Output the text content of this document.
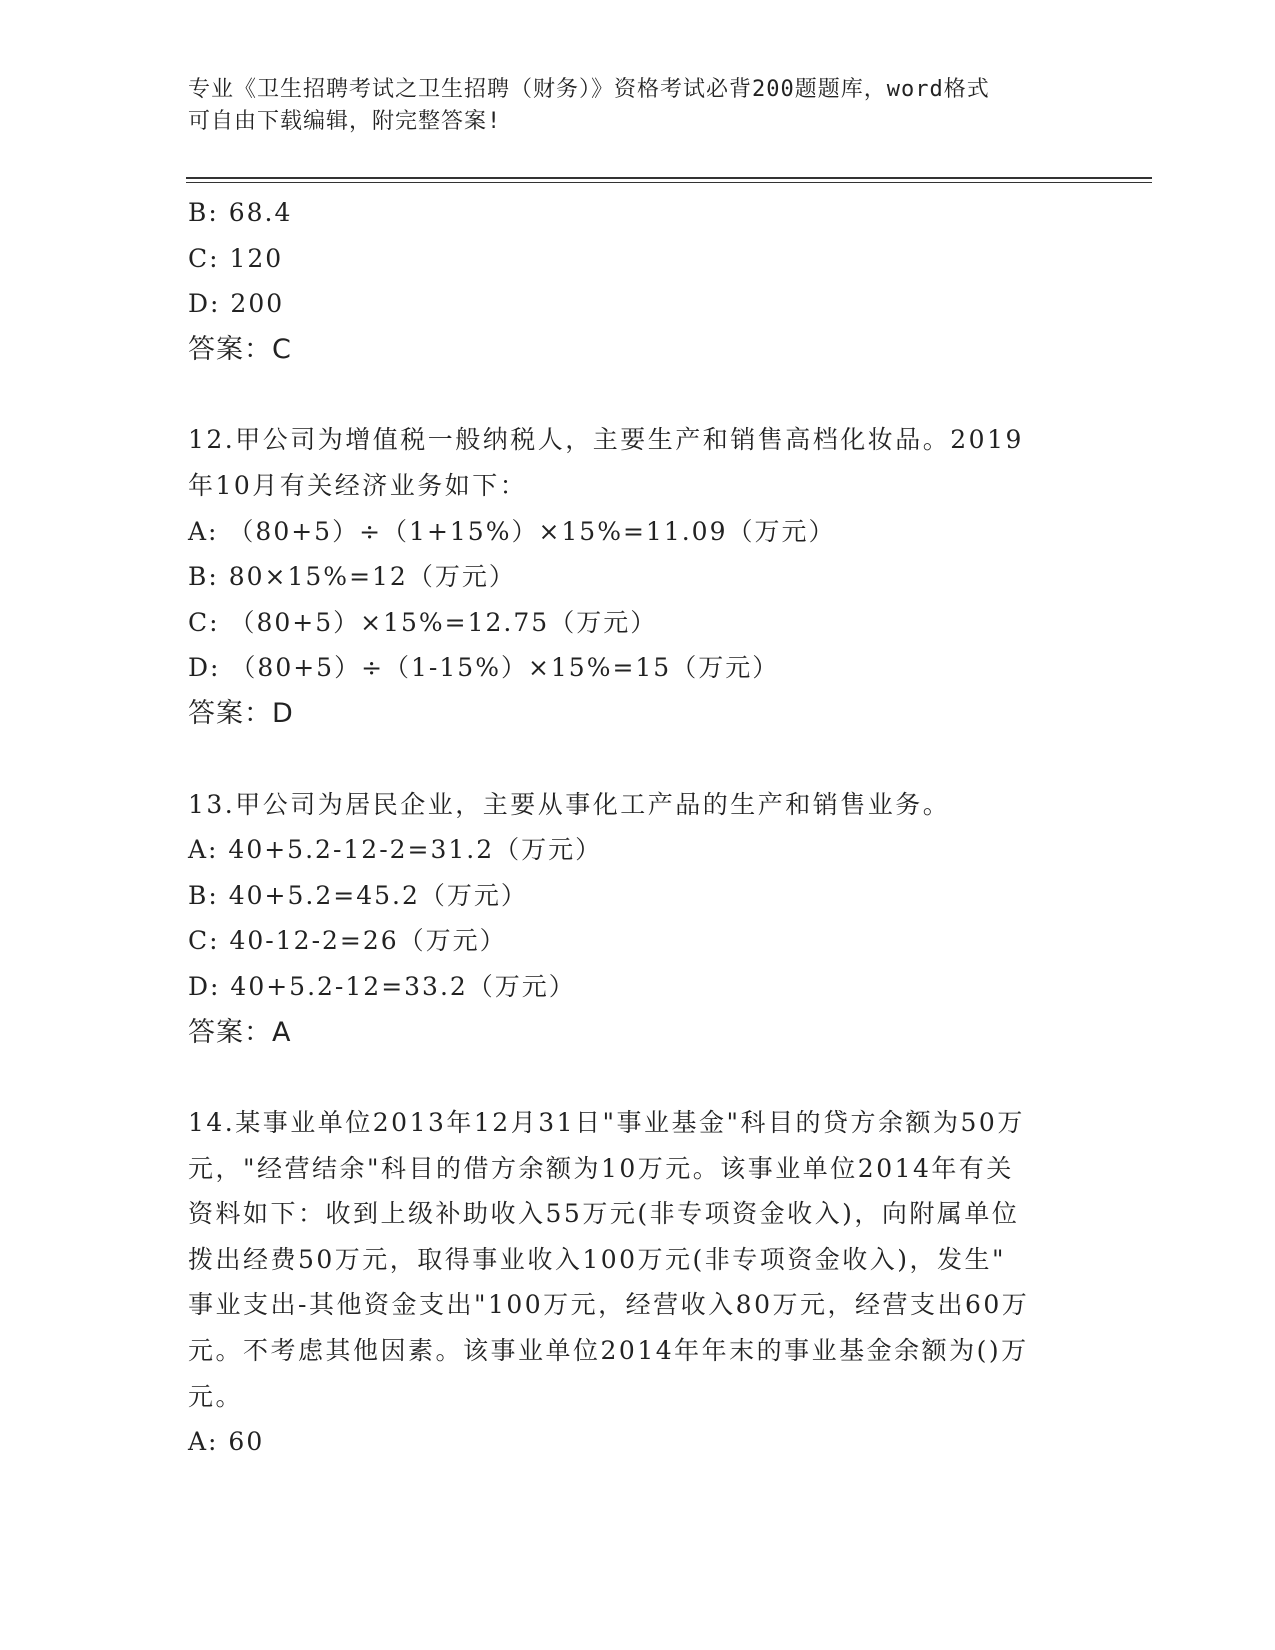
专业《卫生招聘考试之卫生招聘（财务）》资格考试必背200题题库，word格式
可自由下载编辑，附完整答案!
B: 68.4
C: 120
D: 200
答案：C
12.甲公司为增值税一般纳税人，主要生产和销售高档化妆品。2019
年10月有关经济业务如下：
A: （80+5）÷（1+15%）×15%=11.09（万元）
B: 80×15%=12（万元）
C: （80+5）×15%=12.75（万元）
D: （80+5）÷（1-15%）×15%=15（万元）
答案：D
13.甲公司为居民企业，主要从事化工产品的生产和销售业务。
A: 40+5.2-12-2=31.2（万元）
B: 40+5.2=45.2（万元）
C: 40-12-2=26（万元）
D: 40+5.2-12=33.2（万元）
答案：A
14.某事业单位2013年12月31日"事业基金"科目的贷方余额为50万
元，"经营结余"科目的借方余额为10万元。该事业单位2014年有关
资料如下：收到上级补助收入55万元(非专项资金收入)，向附属单位
拨出经费50万元，取得事业收入100万元(非专项资金收入)，发生"
事业支出-其他资金支出"100万元，经营收入80万元，经营支出60万
元。不考虑其他因素。该事业单位2014年年末的事业基金余额为()万
元。
A: 60
